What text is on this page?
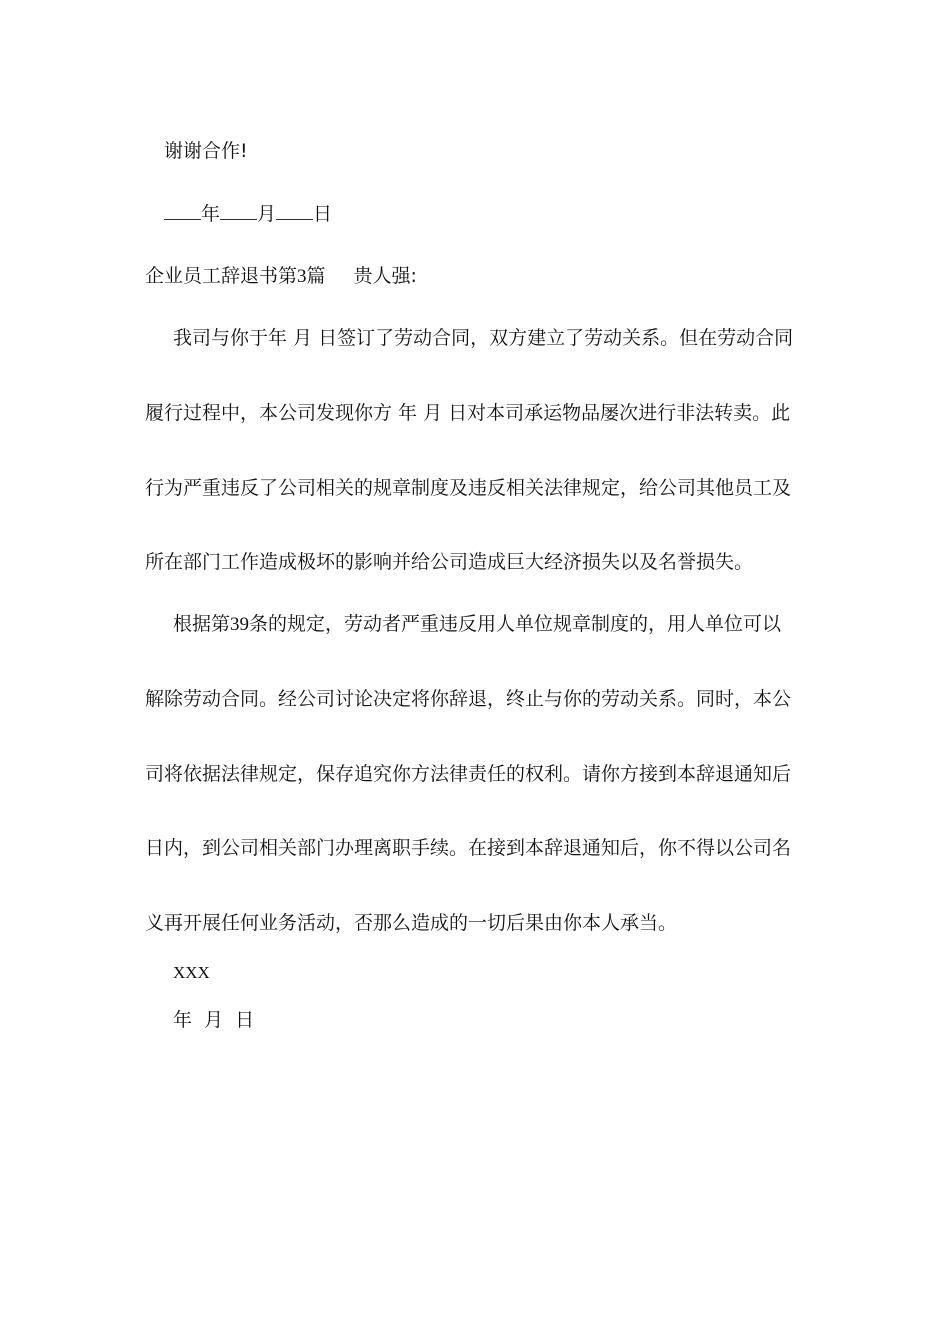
谢谢合作!
年 月 日
企业员工辞退书第3篇 贵人强:
我司与你于年 月 日签订了劳动合同，双方建立了劳动关系。但在劳动合同
履行过程中，本公司发现你方 年 月 日对本司承运物品屡次进行非法转卖。此
行为严重违反了公司相关的规章制度及违反相关法律规定，给公司其他员工及
所在部门工作造成极坏的影响并给公司造成巨大经济损失以及名誉损失。
根据第39条的规定，劳动者严重违反用人单位规章制度的，用人单位可以
解除劳动合同。经公司讨论决定将你辞退，终止与你的劳动关系。同时，本公
司将依据法律规定，保存追究你方法律责任的权利。请你方接到本辞退通知后
日内，到公司相关部门办理离职手续。在接到本辞退通知后，你不得以公司名
义再开展任何业务活动，否那么造成的一切后果由你本人承当。
XXX
年  月  日
